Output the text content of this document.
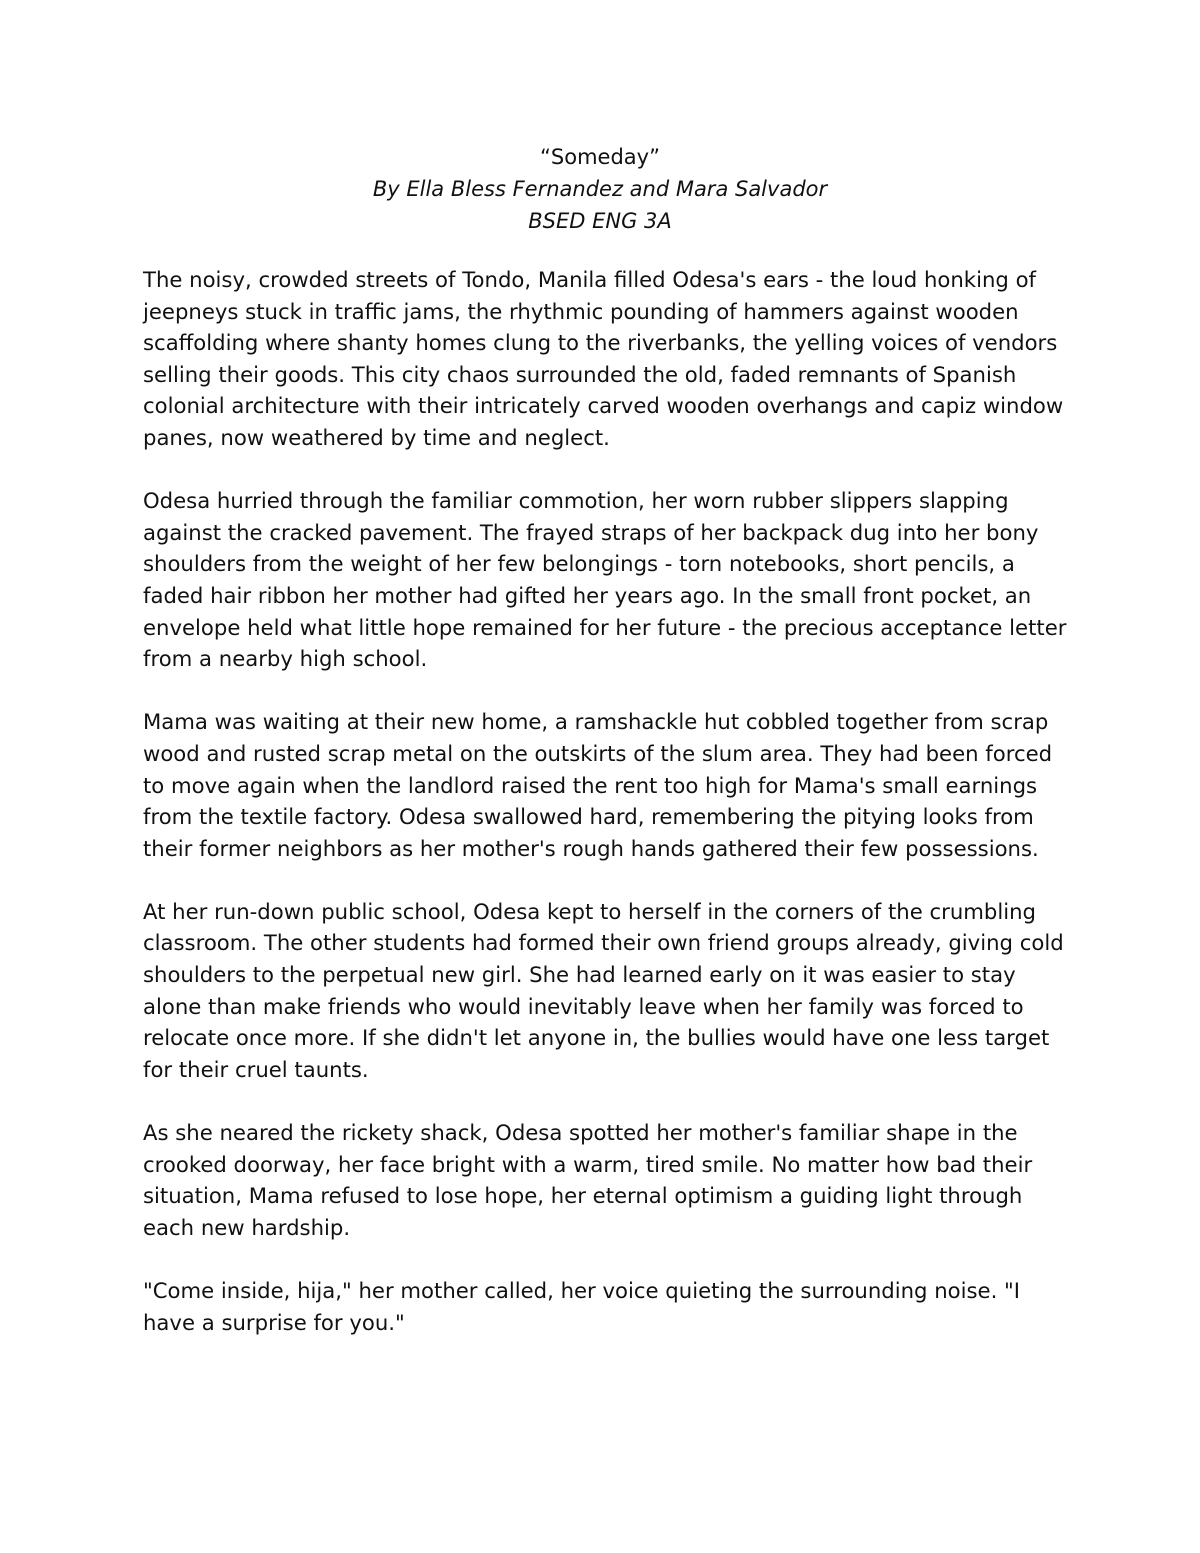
“Someday”
By Ella Bless Fernandez and Mara Salvador
BSED ENG 3A

The noisy, crowded streets of Tondo, Manila filled Odesa's ears - the loud honking of jeepneys stuck in traffic jams, the rhythmic pounding of hammers against wooden scaffolding where shanty homes clung to the riverbanks, the yelling voices of vendors selling their goods. This city chaos surrounded the old, faded remnants of Spanish colonial architecture with their intricately carved wooden overhangs and capiz window panes, now weathered by time and neglect.

Odesa hurried through the familiar commotion, her worn rubber slippers slapping against the cracked pavement. The frayed straps of her backpack dug into her bony shoulders from the weight of her few belongings - torn notebooks, short pencils, a faded hair ribbon her mother had gifted her years ago. In the small front pocket, an envelope held what little hope remained for her future - the precious acceptance letter from a nearby high school.

Mama was waiting at their new home, a ramshackle hut cobbled together from scrap wood and rusted scrap metal on the outskirts of the slum area. They had been forced to move again when the landlord raised the rent too high for Mama's small earnings from the textile factory. Odesa swallowed hard, remembering the pitying looks from their former neighbors as her mother's rough hands gathered their few possessions.

At her run-down public school, Odesa kept to herself in the corners of the crumbling classroom. The other students had formed their own friend groups already, giving cold shoulders to the perpetual new girl. She had learned early on it was easier to stay alone than make friends who would inevitably leave when her family was forced to relocate once more. If she didn't let anyone in, the bullies would have one less target for their cruel taunts.

As she neared the rickety shack, Odesa spotted her mother's familiar shape in the crooked doorway, her face bright with a warm, tired smile. No matter how bad their situation, Mama refused to lose hope, her eternal optimism a guiding light through each new hardship.

"Come inside, hija," her mother called, her voice quieting the surrounding noise. "I have a surprise for you."
